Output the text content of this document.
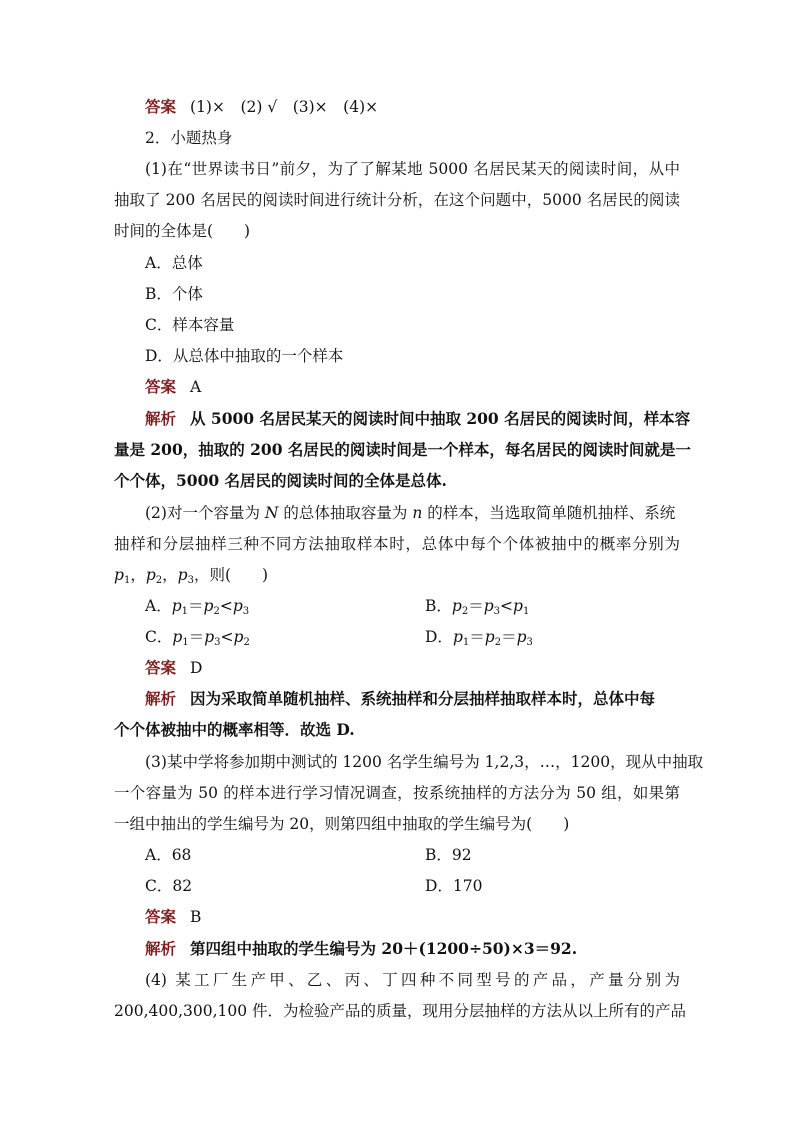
答案 (1)×　(2) √　(3)×　(4)×
2．小题热身
(1)在“世界读书日”前夕，为了了解某地 5000 名居民某天的阅读时间，从中
抽取了 200 名居民的阅读时间进行统计分析，在这个问题中，5000 名居民的阅读
时间的全体是(　　)
A．总体
B．个体
C．样本容量
D．从总体中抽取的一个样本
答案 A
解析 从 5000 名居民某天的阅读时间中抽取 200 名居民的阅读时间，样本容
量是 200，抽取的 200 名居民的阅读时间是一个样本，每名居民的阅读时间就是一
个个体，5000 名居民的阅读时间的全体是总体.
(2)对一个容量为 N 的总体抽取容量为 n 的样本，当选取简单随机抽样、系统
抽样和分层抽样三种不同方法抽取样本时，总体中每个个体被抽中的概率分别为
$p_1$，$p_2$，$p_3$，则(　　)
A．$p_1=p_2<p_3$	B．$p_2=p_3<p_1$
C．$p_1=p_3<p_2$	D．$p_1=p_2=p_3$
答案 D
解析 因为采取简单随机抽样、系统抽样和分层抽样抽取样本时，总体中每
个个体被抽中的概率相等．故选 D.
(3)某中学将参加期中测试的 1200 名学生编号为 1,2,3，…，1200，现从中抽取
一个容量为 50 的样本进行学习情况调查，按系统抽样的方法分为 50 组，如果第
一组中抽出的学生编号为 20，则第四组中抽取的学生编号为(　　)
A．68	B．92
C．82	D．170
答案 B
解析 第四组中抽取的学生编号为 20＋(1200÷50)×3＝92.
(4) 某工厂生产甲、乙、丙、丁四种不同型号的产品，产量分别为
200,400,300,100 件．为检验产品的质量，现用分层抽样的方法从以上所有的产品
